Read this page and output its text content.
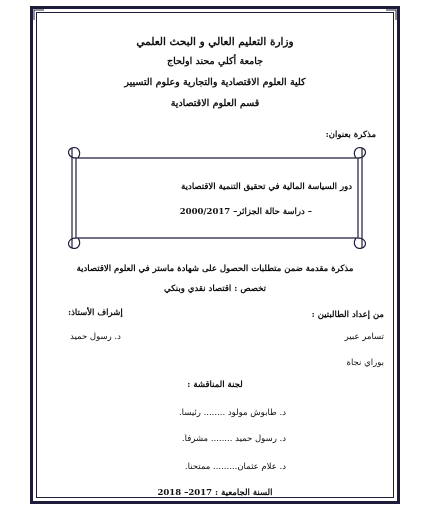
وزارة التعليم العالي و البحث العلمي
جامعة أكلي محند اولحاج
كلية العلوم الاقتصادية والتجارية وعلوم التسيير
قسم العلوم الاقتصادية
مذكرة بعنوان:
دور السياسة المالية في تحقيق التنمية الاقتصادية
– دراسة حالة الجزائر– 2000/2017
مذكرة مقدمة ضمن متطلبات الحصول على شهادة ماستر في العلوم الاقتصادية
تخصص : اقتصاد نقدي وبنكي
من إعداد الطالبتين :
إشراف الأستاذ:
تسامر عبير
د. رسول حميد
بوراي نجاة
لجنة المناقشة :
د. طابوش مولود ........ رئيسا.
د. رسول حميد ........ مشرفا.
د. علام عثمان......... ممتحنا.
السنة الجامعية : 2017– 2018
